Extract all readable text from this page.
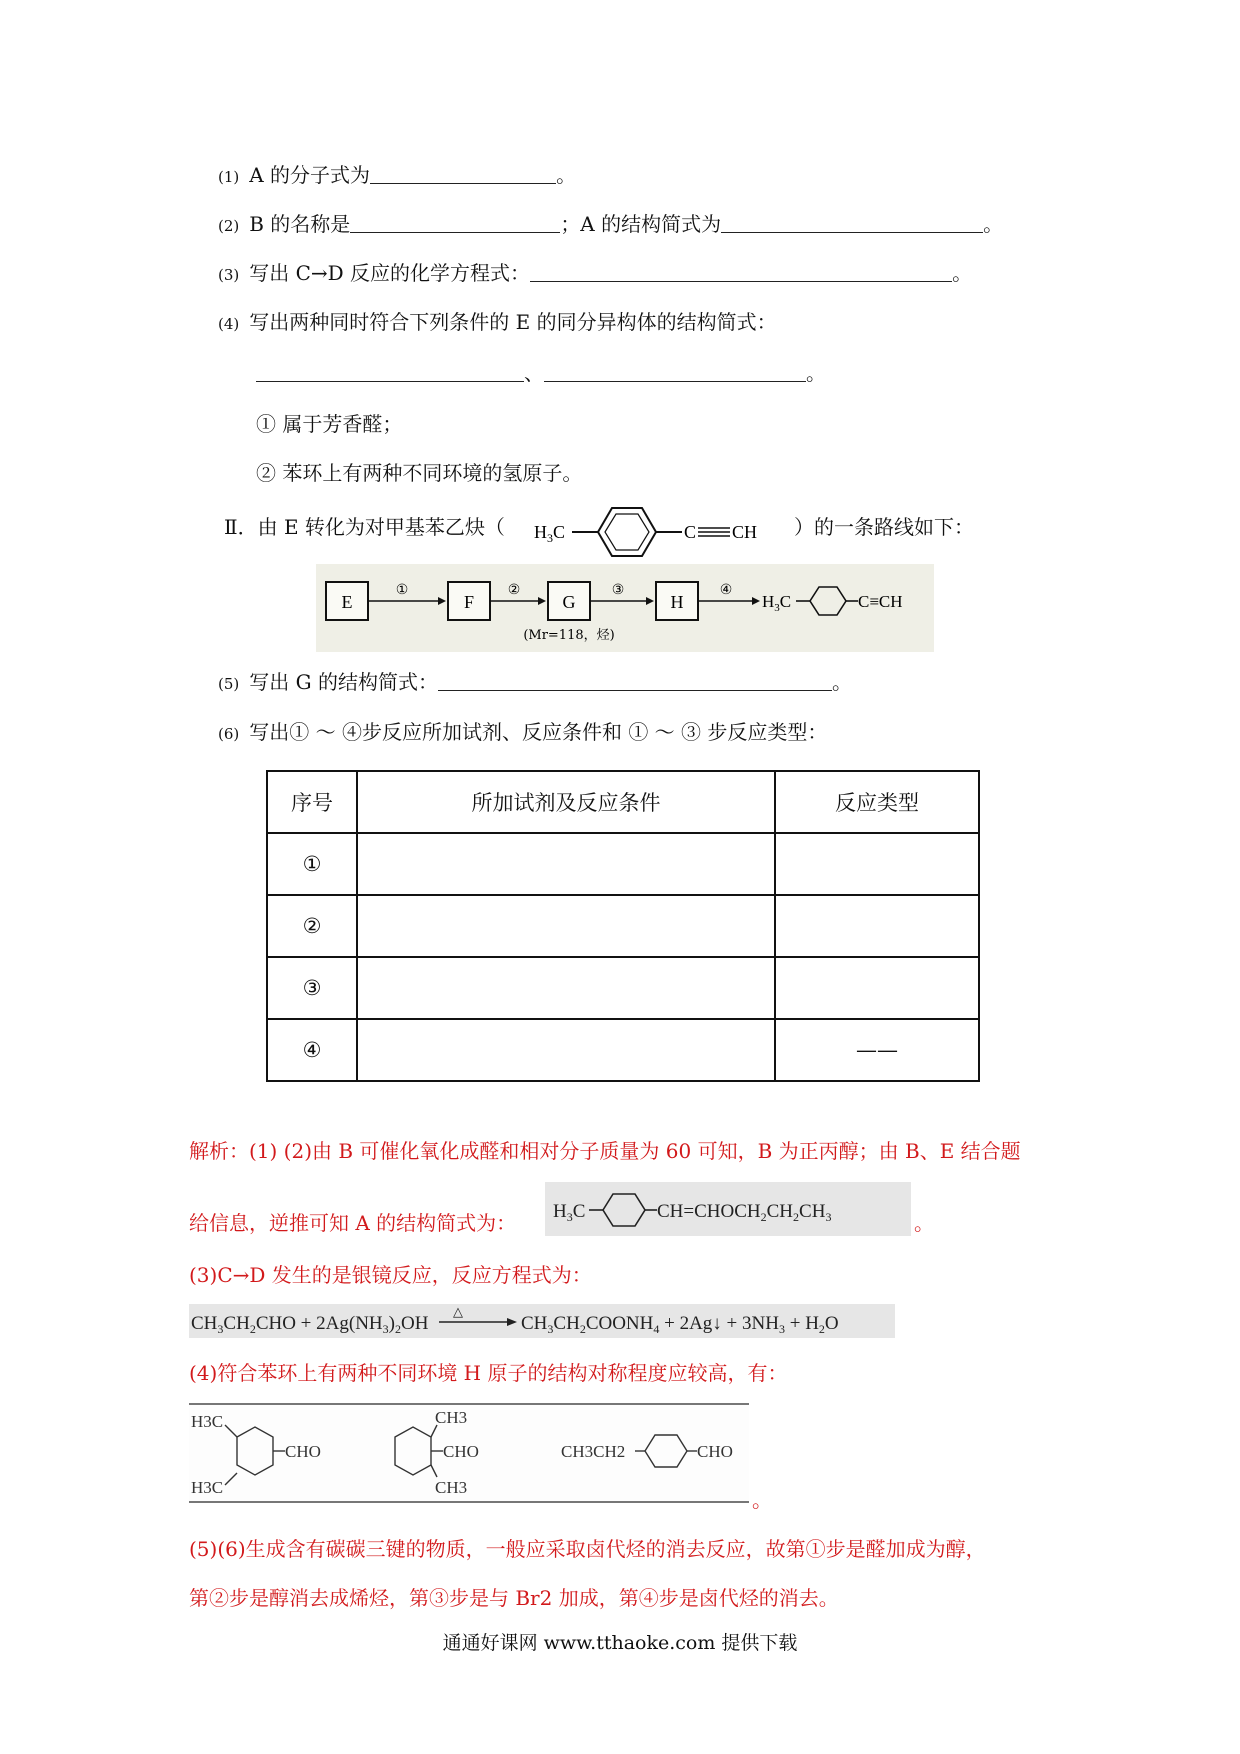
(1) A 的分子式为	。
(2) B 的名称是	；A 的结构简式为	。
(3) 写出 C→D 反应的化学方程式：	。
(4) 写出两种同时符合下列条件的 E 的同分异构体的结构简式：
、	。
① 属于芳香醛；
② 苯环上有两种不同环境的氢原子。
Ⅱ．由 E 转化为对甲基苯乙炔（ $H_3C$	C CH ）的一条路线如下：
E
①
F
②
G
(Mr=118，烃)
③
H
④
$H_3C$	C≡CH
(5) 写出 G 的结构简式：	。
(6) 写出① ～ ④步反应所加试剂、反应条件和 ① ～ ③ 步反应类型：
序号	所加试剂及反应条件	反应类型
①		
②		
③		
④		——
解析：(1) (2)由 B 可催化氧化成醛和相对分子质量为 60 可知，B 为正丙醇；由 B、E 结合题
给信息，逆推可知 A 的结构简式为： $H_3C$	$CH=CHOCH_2CH_2CH_3$	。
(3)C→D 发生的是银镜反应，反应方程式为：
$CH_3CH_2CHO + 2Ag(NH_3)_2OH$
△
$CH_3CH_2COONH_4$ + 2Ag↓ + $3NH_3 + H_2O$
(4)符合苯环上有两种不同环境 H 原子的结构对称程度应较高，有：
H3C
H3C
CHO
CH3
CH3
CHO	CH3CH2	CHO
。
(5)(6)生成含有碳碳三键的物质，一般应采取卤代烃的消去反应，故第①步是醛加成为醇，
第②步是醇消去成烯烃，第③步是与 Br2 加成，第④步是卤代烃的消去。
通通好课网 www.tthaoke.com 提供下载
